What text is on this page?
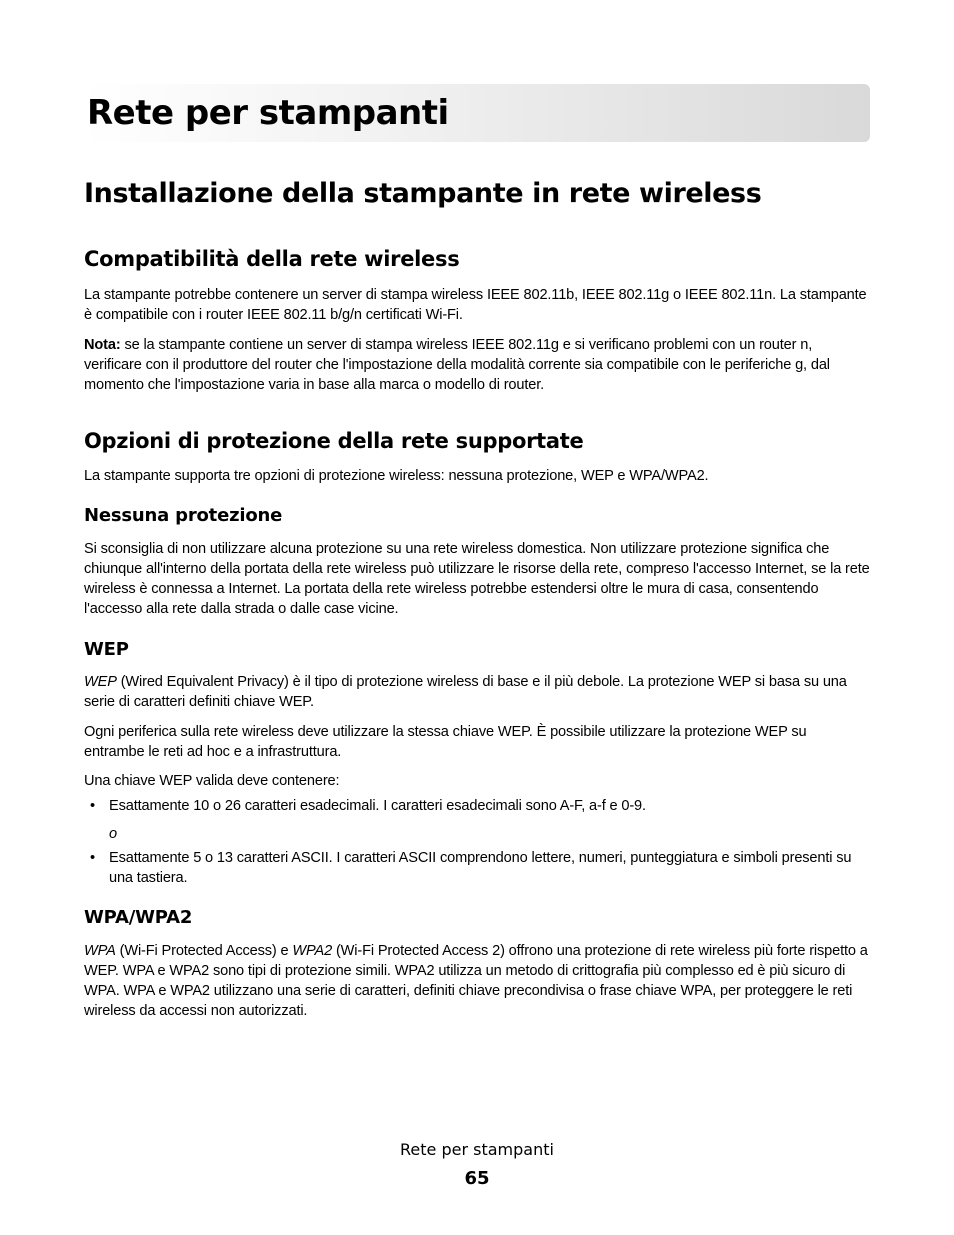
Rete per stampanti
Installazione della stampante in rete wireless
Compatibilità della rete wireless

La stampante potrebbe contenere un server di stampa wireless IEEE 802.11b, IEEE 802.11g o IEEE 802.11n. La stampante è compatibile con i router IEEE 802.11 b/g/n certificati Wi-Fi.

Nota: se la stampante contiene un server di stampa wireless IEEE 802.11g e si verificano problemi con un router n, verificare con il produttore del router che l'impostazione della modalità corrente sia compatibile con le periferiche g, dal momento che l'impostazione varia in base alla marca o modello di router.

Opzioni di protezione della rete supportate

La stampante supporta tre opzioni di protezione wireless: nessuna protezione, WEP e WPA/WPA2.

Nessuna protezione

Si sconsiglia di non utilizzare alcuna protezione su una rete wireless domestica. Non utilizzare protezione significa che chiunque all'interno della portata della rete wireless può utilizzare le risorse della rete, compreso l'accesso Internet, se la rete wireless è connessa a Internet. La portata della rete wireless potrebbe estendersi oltre le mura di casa, consentendo l'accesso alla rete dalla strada o dalle case vicine.

WEP

WEP (Wired Equivalent Privacy) è il tipo di protezione wireless di base e il più debole. La protezione WEP si basa su una serie di caratteri definiti chiave WEP.

Ogni periferica sulla rete wireless deve utilizzare la stessa chiave WEP. È possibile utilizzare la protezione WEP su entrambe le reti ad hoc e a infrastruttura.

Una chiave WEP valida deve contenere:

• Esattamente 10 o 26 caratteri esadecimali. I caratteri esadecimali sono A-F, a-f e 0-9.
o
• Esattamente 5 o 13 caratteri ASCII. I caratteri ASCII comprendono lettere, numeri, punteggiatura e simboli presenti su una tastiera.
WPA/WPA2

WPA (Wi-Fi Protected Access) e WPA2 (Wi-Fi Protected Access 2) offrono una protezione di rete wireless più forte rispetto a WEP. WPA e WPA2 sono tipi di protezione simili. WPA2 utilizza un metodo di crittografia più complesso ed è più sicuro di WPA. WPA e WPA2 utilizzano una serie di caratteri, definiti chiave precondivisa o frase chiave WPA, per proteggere le reti wireless da accessi non autorizzati.

Rete per stampanti
65
